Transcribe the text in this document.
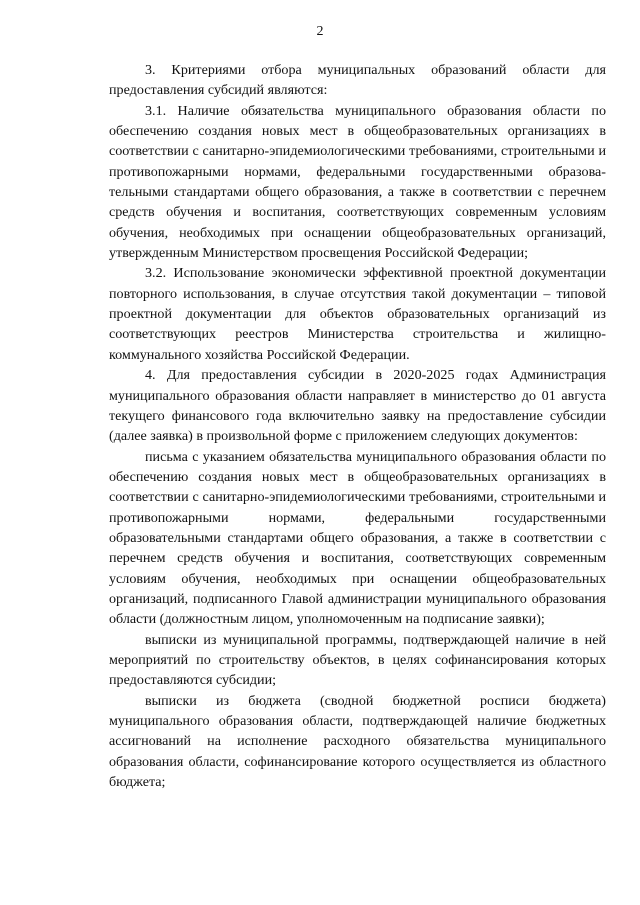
2

3. Критериями отбора муниципальных образований области для предоставления субсидий являются:

3.1. Наличие обязательства муниципального образования области по обеспечению создания новых мест в общеобразовательных организациях в соответствии с санитарно-эпидемиологическими требованиями, строительными и противопожарными нормами, федеральными государственными образовательными стандартами общего образования, а также в соответствии с перечнем средств обучения и воспитания, соответствующих современным условиям обучения, необходимых при оснащении общеобразовательных организаций, утвержденным Министерством просвещения Российской Федерации;

3.2. Использование экономически эффективной проектной документации повторного использования, в случае отсутствия такой документации – типовой проектной документации для объектов образовательных организаций из соответствующих реестров Министерства строительства и жилищно-коммунального хозяйства Российской Федерации.

4. Для предоставления субсидии в 2020-2025 годах Администрация муниципального образования области направляет в министерство до 01 августа текущего финансового года включительно заявку на предоставление субсидии (далее заявка) в произвольной форме с приложением следующих документов:

письма с указанием обязательства муниципального образования области по обеспечению создания новых мест в общеобразовательных организациях в соответствии с санитарно-эпидемиологическими требованиями, строительными и противопожарными нормами, федеральными государственными образовательными стандартами общего образования, а также в соответствии с перечнем средств обучения и воспитания, соответствующих современным условиям обучения, необходимых при оснащении общеобразовательных организаций, подписанного Главой администрации муниципального образования области (должностным лицом, уполномоченным на подписание заявки);

выписки из муниципальной программы, подтверждающей наличие в ней мероприятий по строительству объектов, в целях софинансирования которых предоставляются субсидии;

выписки из бюджета (сводной бюджетной росписи бюджета) муниципального образования области, подтверждающей наличие бюджетных ассигнований на исполнение расходного обязательства муниципального образования области, софинансирование которого осуществляется из областного бюджета;
